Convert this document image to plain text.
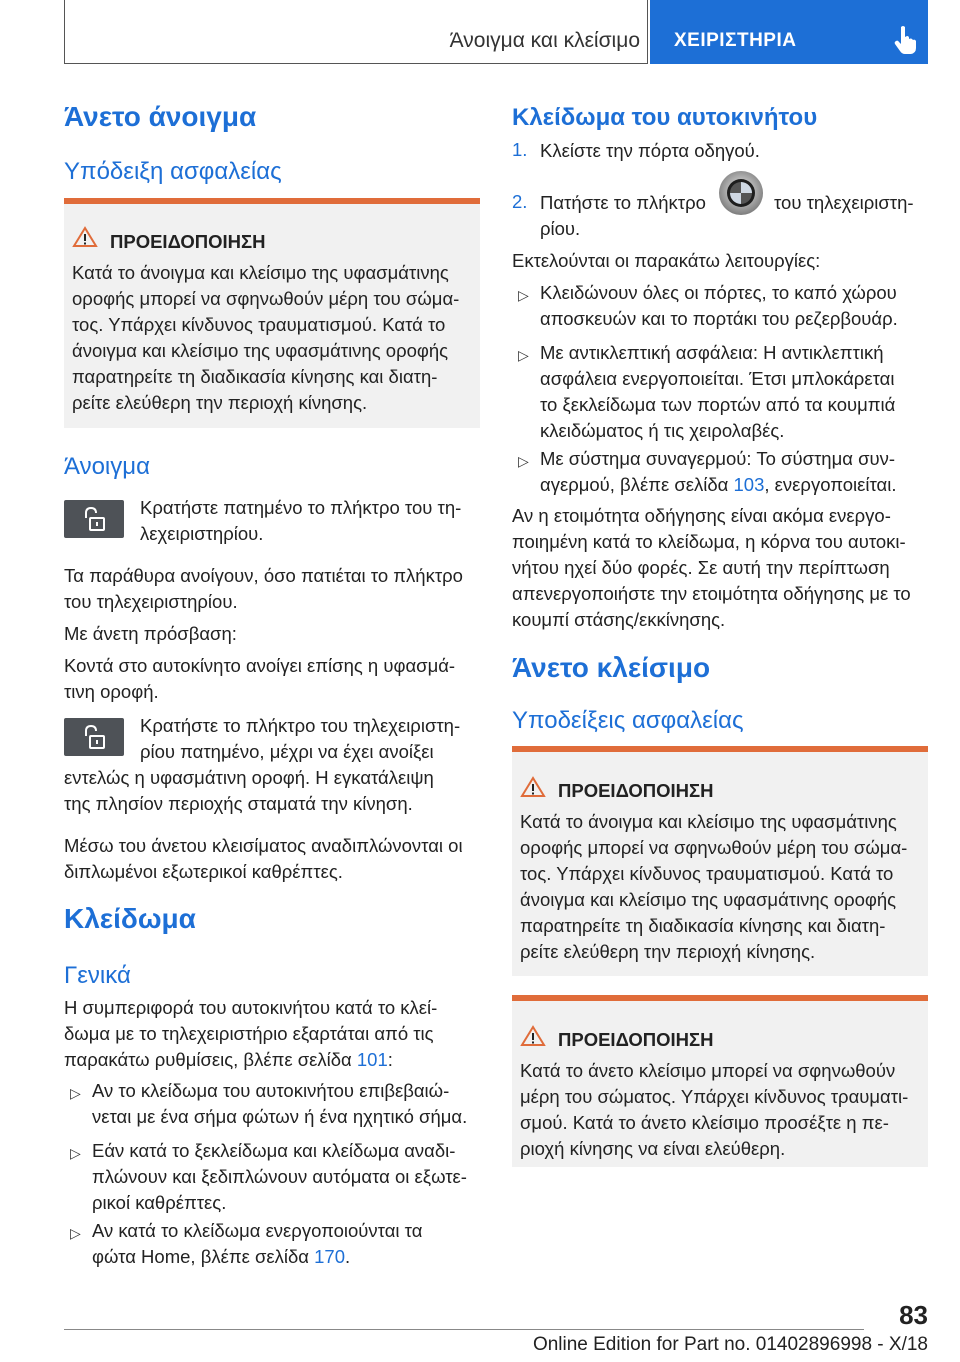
Άνοιγμα και κλείσιμο ΧΕΙΡΙΣΤΗΡΙΑ
Άνετο άνοιγμα
Υπόδειξη ασφαλείας
ΠΡΟΕΙΔΟΠΟΙΗΣΗ
Κατά το άνοιγμα και κλείσιμο της υφασμάτινης
οροφής μπορεί να σφηνωθούν μέρη του σώμα-
τος. Υπάρχει κίνδυνος τραυματισμού. Κατά το
άνοιγμα και κλείσιμο της υφασμάτινης οροφής
παρατηρείτε τη διαδικασία κίνησης και διατη-
ρείτε ελεύθερη την περιοχή κίνησης.
Άνοιγμα
Κρατήστε πατημένο το πλήκτρο του τη-
λεχειριστηρίου.
Τα παράθυρα ανοίγουν, όσο πατιέται το πλήκτρο
του τηλεχειριστηρίου.
Με άνετη πρόσβαση:
Κοντά στο αυτοκίνητο ανοίγει επίσης η υφασμά-
τινη οροφή.
Κρατήστε το πλήκτρο του τηλεχειριστη-
ρίου πατημένο, μέχρι να έχει ανοίξει
εντελώς η υφασμάτινη οροφή. Η εγκατάλειψη
της πλησίον περιοχής σταματά την κίνηση.
Μέσω του άνετου κλεισίματος αναδιπλώνονται οι
διπλωμένοι εξωτερικοί καθρέπτες.
Κλείδωμα
Γενικά
Η συμπεριφορά του αυτοκινήτου κατά το κλεί-
δωμα με το τηλεχειριστήριο εξαρτάται από τις
παρακάτω ρυθμίσεις, βλέπε σελίδα 101:
▷ Αν το κλείδωμα του αυτοκινήτου επιβεβαιώ-
νεται με ένα σήμα φώτων ή ένα ηχητικό σήμα.
▷ Εάν κατά το ξεκλείδωμα και κλείδωμα αναδι-
πλώνουν και ξεδιπλώνουν αυτόματα οι εξωτε-
ρικοί καθρέπτες.
▷ Αν κατά το κλείδωμα ενεργοποιούνται τα
φώτα Home, βλέπε σελίδα 170.
Κλείδωμα του αυτοκινήτου
1. Κλείστε την πόρτα οδηγού.
2. Πατήστε το πλήκτρο	του τηλεχειριστη-
ρίου.
Εκτελούνται οι παρακάτω λειτουργίες:
▷ Κλειδώνουν όλες οι πόρτες, το καπό χώρου
αποσκευών και το πορτάκι του ρεζερβουάρ.
▷ Με αντικλεπτική ασφάλεια: Η αντικλεπτική
ασφάλεια ενεργοποιείται. Έτσι μπλοκάρεται
το ξεκλείδωμα των πορτών από τα κουμπιά
κλειδώματος ή τις χειρολαβές.
▷ Με σύστημα συναγερμού: Το σύστημα συν-
αγερμού, βλέπε σελίδα 103, ενεργοποιείται.
Αν η ετοιμότητα οδήγησης είναι ακόμα ενεργο-
ποιημένη κατά το κλείδωμα, η κόρνα του αυτοκι-
νήτου ηχεί δύο φορές. Σε αυτή την περίπτωση
απενεργοποιήστε την ετοιμότητα οδήγησης με το
κουμπί στάσης/εκκίνησης.
Άνετο κλείσιμο
Υποδείξεις ασφαλείας
ΠΡΟΕΙΔΟΠΟΙΗΣΗ
Κατά το άνοιγμα και κλείσιμο της υφασμάτινης
οροφής μπορεί να σφηνωθούν μέρη του σώμα-
τος. Υπάρχει κίνδυνος τραυματισμού. Κατά το
άνοιγμα και κλείσιμο της υφασμάτινης οροφής
παρατηρείτε τη διαδικασία κίνησης και διατη-
ρείτε ελεύθερη την περιοχή κίνησης.
ΠΡΟΕΙΔΟΠΟΙΗΣΗ
Κατά το άνετο κλείσιμο μπορεί να σφηνωθούν
μέρη του σώματος. Υπάρχει κίνδυνος τραυματι-
σμού. Κατά το άνετο κλείσιμο προσέξτε η πε-
ριοχή κίνησης να είναι ελεύθερη.
83
Online Edition for Part no. 01402896998 - X/18
